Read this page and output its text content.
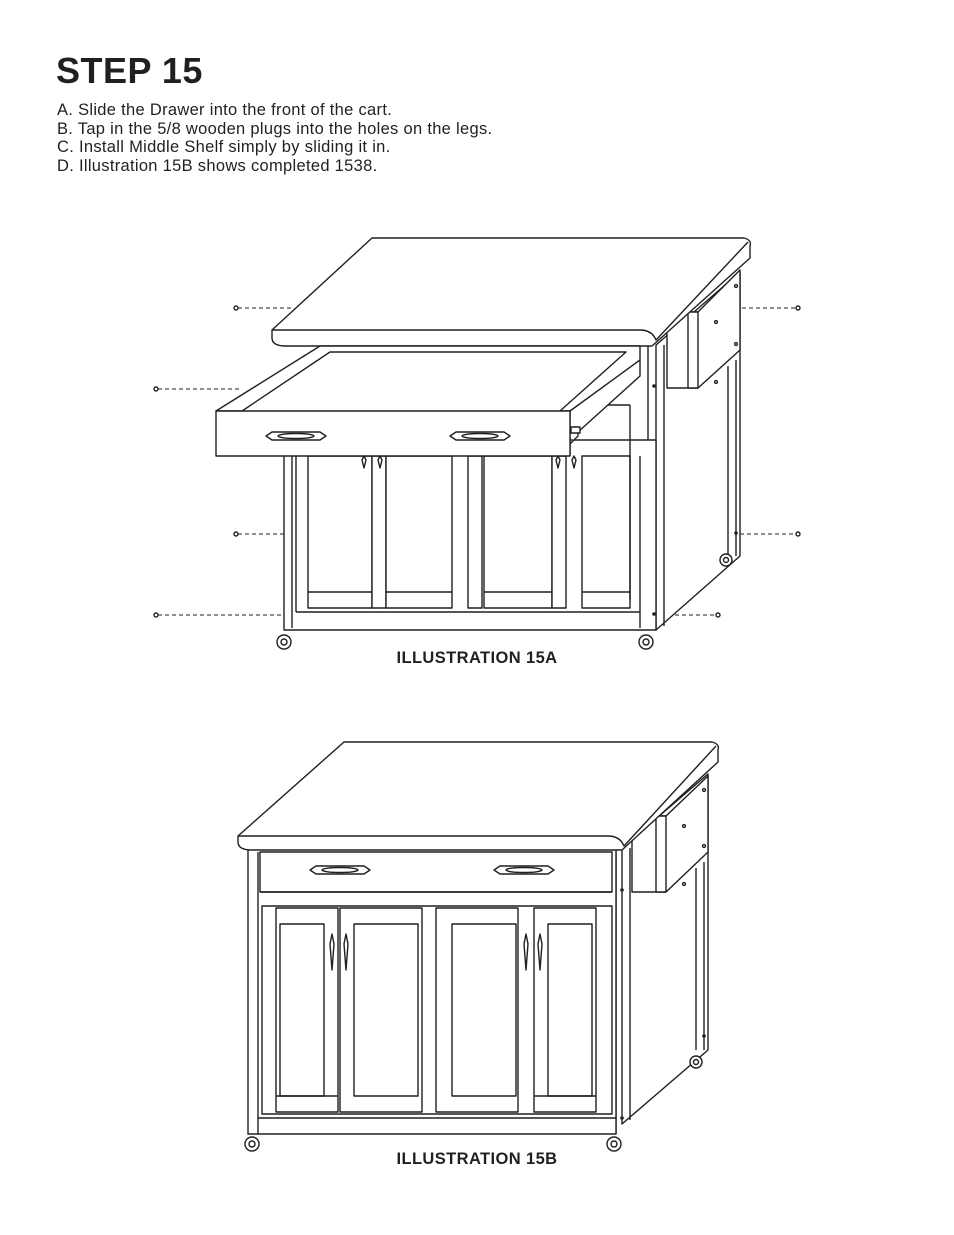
STEP 15
A. Slide the Drawer into the front of the cart.
B. Tap in the 5/8 wooden plugs into the holes on the legs.
C. Install Middle Shelf simply by sliding it in.
D. Illustration 15B shows completed 1538.
ILLUSTRATION 15A
ILLUSTRATION 15B
